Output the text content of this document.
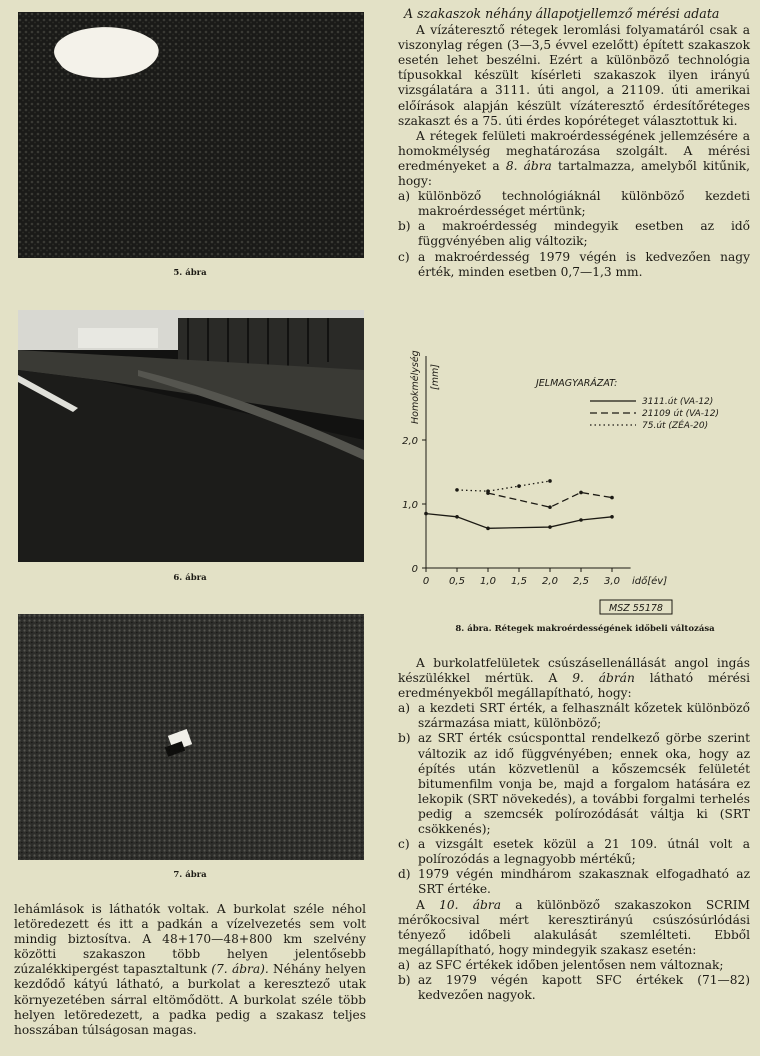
5. ábra
6. ábra
7. ábra

lehámlások is láthatók voltak. A burkolat széle néhol letöredezett és itt a padkán a vízelvezetés sem volt mindig biztosítva. A 48+170—48+800 km szelvény közötti szakaszon több helyen jelentősebb zúzalékkipergést tapasztaltunk (7. ábra). Néhány helyen kezdődő kátyú látható, a burkolat a keresztező utak környezetében sárral eltömődött. A burkolat széle több helyen letöredezett, a padka pedig a szakasz teljes hosszában túlságosan magas.

A szakaszok néhány állapotjellemző mérési adata

A vízáteresztő rétegek leromlási folyamatáról csak a viszonylag régen (3—3,5 évvel ezelőtt) épített szakaszok esetén lehet beszélni. Ezért a különböző technológia típusokkal készült kísérleti szakaszok ilyen irányú vizsgálatára a 3111. úti angol, a 21109. úti amerikai előírások alapján készült vízáteresztő érdesítőréteges szakaszt és a 75. úti érdes kopóréteget választottuk ki.

A rétegek felületi makroérdességének jellemzésére a homokmélység meghatározása szolgált. A mérési eredményeket a 8. ábra tartalmazza, amelyből kitűnik, hogy:

a) különböző technológiáknál különböző kezdeti makroérdességet mértünk;
b) a makroérdesség mindegyik esetben az idő függvényében alig változik;
c) a makroérdesség 1979 végén is kedvezően nagy érték, minden esetben 0,7—1,3 mm.
0 0,5 1,0 1,5 2,0 2,5 3,0 idő[év]
0
1,0
2,0
Homokmélység [mm]	JELMAGYARÁZAT:
3111.út (VA-12)
21109 út (VA-12)
75.út (ZÉA-20)
MSZ 55178
8. ábra. Rétegek makroérdességének időbeli változása

A burkolatfelületek csúszásellenállását angol ingás készülékkel mértük. A 9. ábrán látható mérési eredményekből megállapítható, hogy:

a) a kezdeti SRT érték, a felhasznált kőzetek különböző származása miatt, különböző;
b) az SRT érték csúcsponttal rendelkező görbe szerint változik az idő függvényében; ennek oka, hogy az építés után közvetlenül a kőszemcsék felületét bitumenfilm vonja be, majd a forgalom hatására ez lekopik (SRT növekedés), a további forgalmi terhelés pedig a szemcsék polírozódását váltja ki (SRT csökkenés);
c) a vizsgált esetek közül a 21 109. útnál volt a polírozódás a legnagyobb mértékű;
d) 1979 végén mindhárom szakasznak elfogadható az SRT értéke.

A 10. ábra a különböző szakaszokon SCRIM mérőkocsival mért keresztirányú csúszósúrlódási tényező időbeli alakulását szemlélteti. Ebből megállapítható, hogy mindegyik szakasz esetén:

a) az SFC értékek időben jelentősen nem változnak;
b) az 1979 végén kapott SFC értékek (71—82) kedvezően nagyok.
